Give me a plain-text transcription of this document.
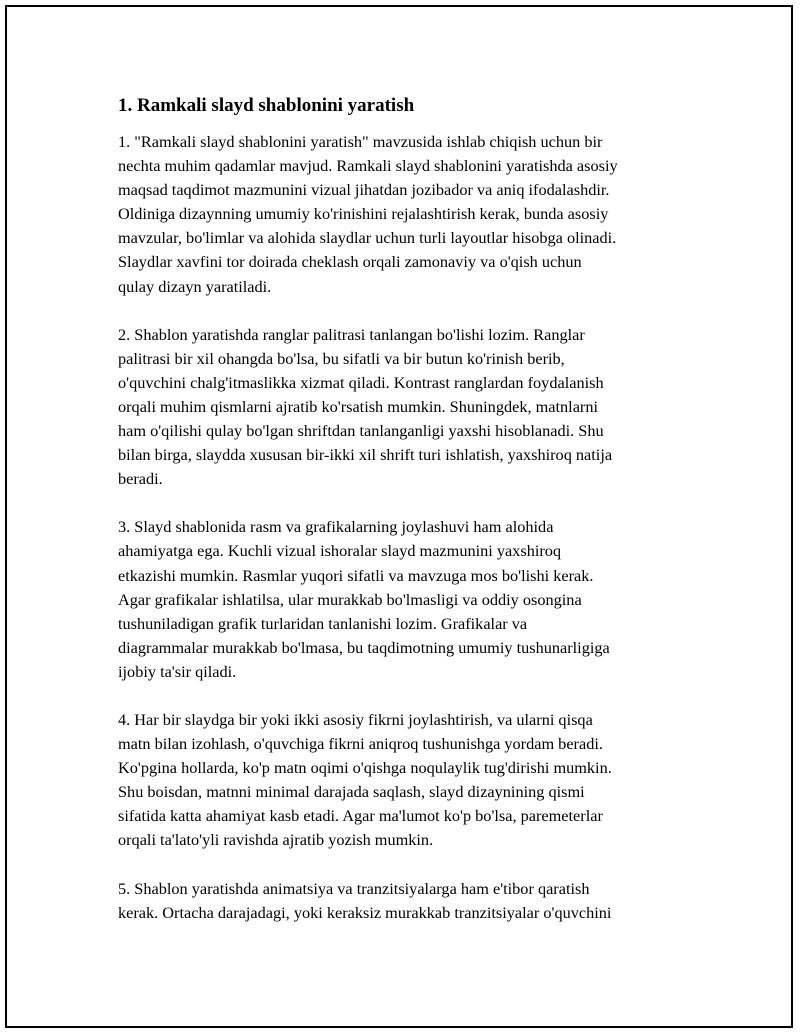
1. Ramkali slayd shablonini yaratish

1. "Ramkali slayd shablonini yaratish" mavzusida ishlab chiqish uchun bir
nechta muhim qadamlar mavjud. Ramkali slayd shablonini yaratishda asosiy
maqsad taqdimot mazmunini vizual jihatdan jozibador va aniq ifodalashdir.
Oldiniga dizaynning umumiy ko'rinishini rejalashtirish kerak, bunda asosiy
mavzular, bo'limlar va alohida slaydlar uchun turli layoutlar hisobga olinadi.
Slaydlar xavfini tor doirada cheklash orqali zamonaviy va o'qish uchun
qulay dizayn yaratiladi.

2. Shablon yaratishda ranglar palitrasi tanlangan bo'lishi lozim. Ranglar
palitrasi bir xil ohangda bo'lsa, bu sifatli va bir butun ko'rinish berib,
o'quvchini chalg'itmaslikka xizmat qiladi. Kontrast ranglardan foydalanish
orqali muhim qismlarni ajratib ko'rsatish mumkin. Shuningdek, matnlarni
ham o'qilishi qulay bo'lgan shriftdan tanlanganligi yaxshi hisoblanadi. Shu
bilan birga, slaydda xususan bir-ikki xil shrift turi ishlatish, yaxshiroq natija
beradi.

3. Slayd shablonida rasm va grafikalarning joylashuvi ham alohida
ahamiyatga ega. Kuchli vizual ishoralar slayd mazmunini yaxshiroq
etkazishi mumkin. Rasmlar yuqori sifatli va mavzuga mos bo'lishi kerak.
Agar grafikalar ishlatilsa, ular murakkab bo'lmasligi va oddiy osongina
tushuniladigan grafik turlaridan tanlanishi lozim. Grafikalar va
diagrammalar murakkab bo'lmasa, bu taqdimotning umumiy tushunarligiga
ijobiy ta'sir qiladi.

4. Har bir slaydga bir yoki ikki asosiy fikrni joylashtirish, va ularni qisqa
matn bilan izohlash, o'quvchiga fikrni aniqroq tushunishga yordam beradi.
Ko'pgina hollarda, ko'p matn oqimi o'qishga noqulaylik tug'dirishi mumkin.
Shu boisdan, matnni minimal darajada saqlash, slayd dizaynining qismi
sifatida katta ahamiyat kasb etadi. Agar ma'lumot ko'p bo'lsa, paremeterlar
orqali ta'lato'yli ravishda ajratib yozish mumkin.

5. Shablon yaratishda animatsiya va tranzitsiyalarga ham e'tibor qaratish
kerak. Ortacha darajadagi, yoki keraksiz murakkab tranzitsiyalar o'quvchini
